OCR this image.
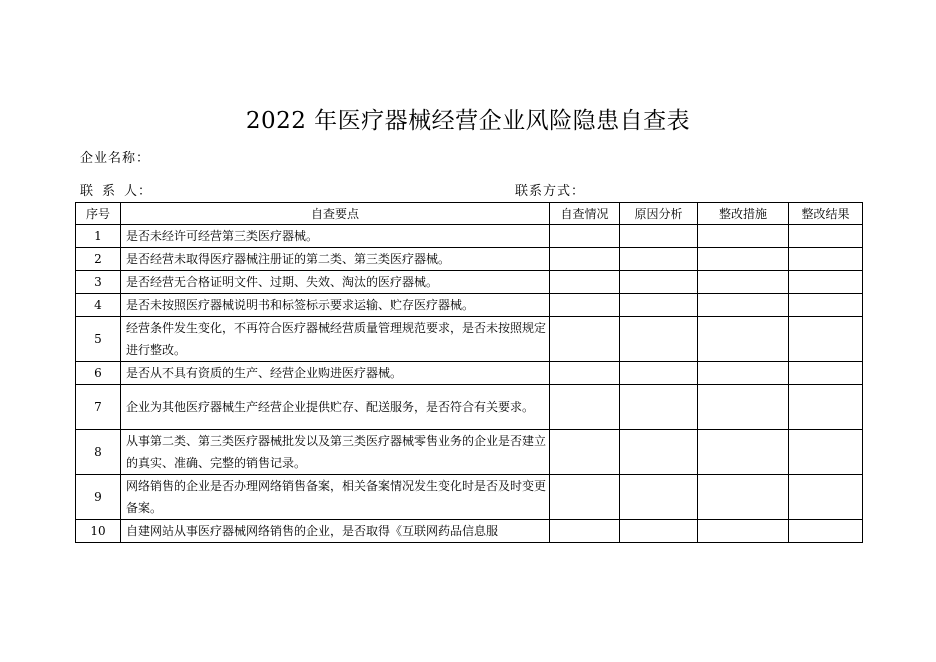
2022 年医疗器械经营企业风险隐患自查表
企业名称：
联 系 人：	联系方式：
序号	自查要点	自查情况	原因分析	整改措施	整改结果
1	是否未经许可经营第三类医疗器械。				
2	是否经营未取得医疗器械注册证的第二类、第三类医疗器械。				
3	是否经营无合格证明文件、过期、失效、淘汰的医疗器械。				
4	是否未按照医疗器械说明书和标签标示要求运输、贮存医疗器械。				
5	经营条件发生变化，不再符合医疗器械经营质量管理规范要求，是否未按照规定进行整改。				
6	是否从不具有资质的生产、经营企业购进医疗器械。				
7	企业为其他医疗器械生产经营企业提供贮存、配送服务，是否符合有关要求。				
8	从事第二类、第三类医疗器械批发以及第三类医疗器械零售业务的企业是否建立的真实、准确、完整的销售记录。				
9	网络销售的企业是否办理网络销售备案，相关备案情况发生变化时是否及时变更备案。				
10	自建网站从事医疗器械网络销售的企业，是否取得《互联网药品信息服				
